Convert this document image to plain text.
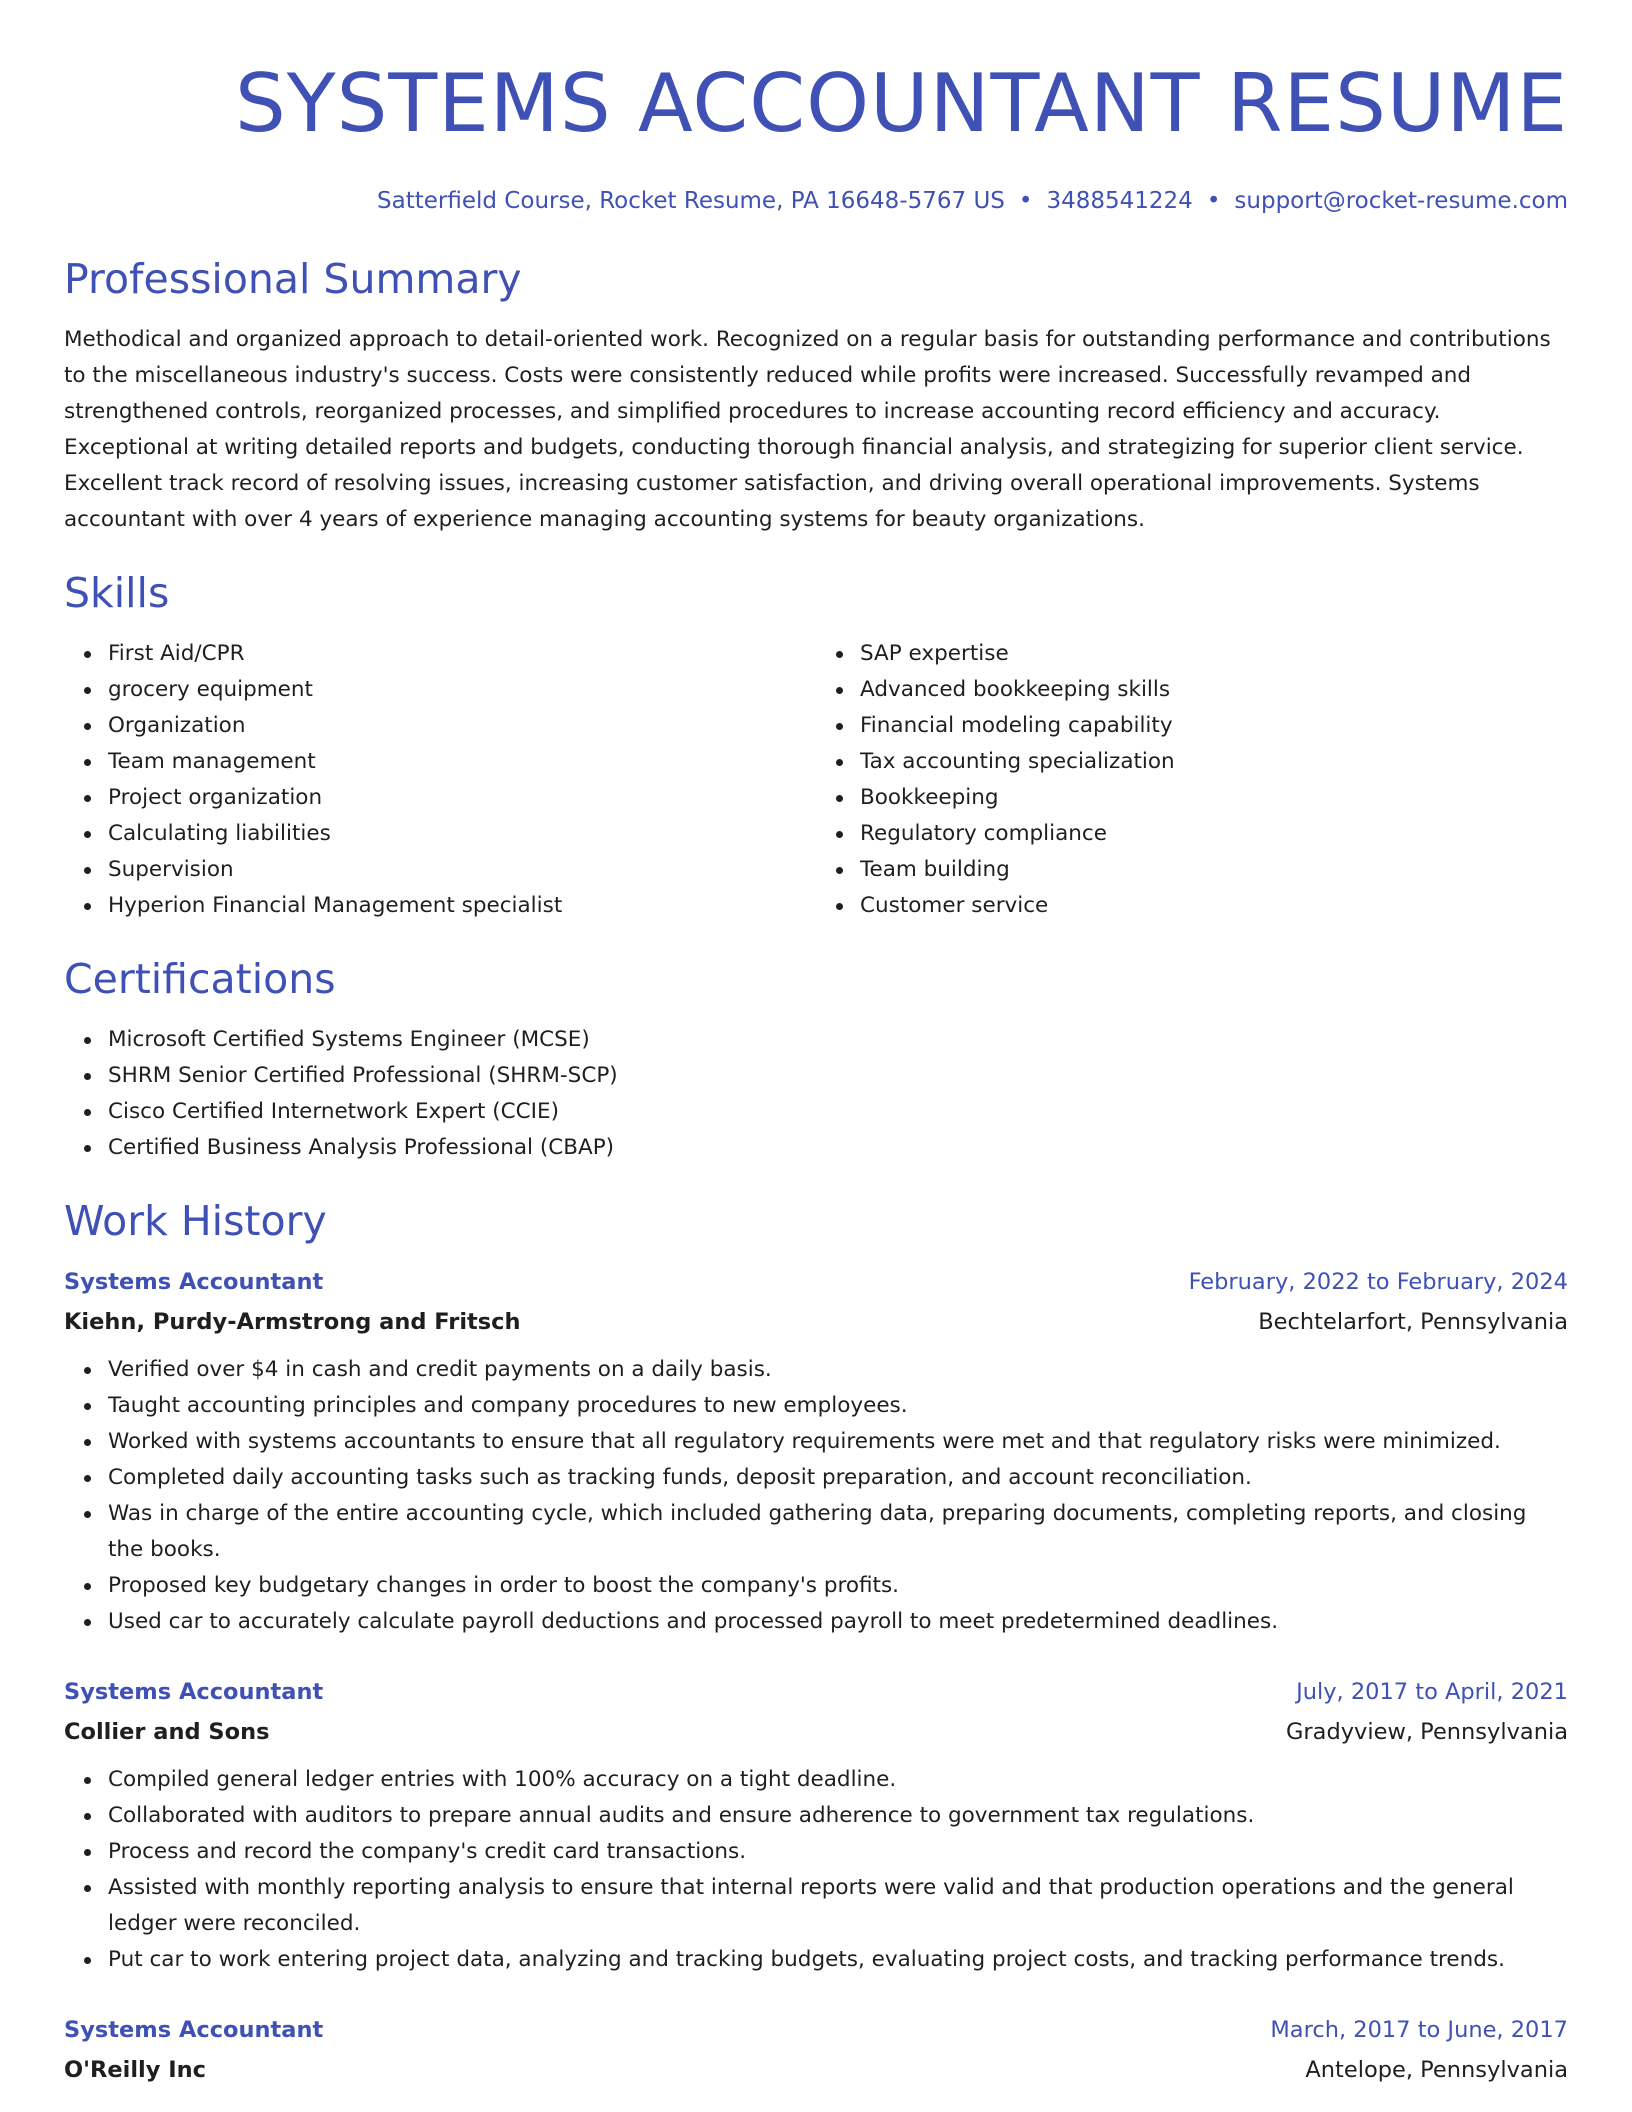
SYSTEMS ACCOUNTANT RESUME
Satterfield Course, Rocket Resume, PA 16648-5767 US • 3488541224 • support@rocket-resume.com
Professional Summary

Methodical and organized approach to detail-oriented work. Recognized on a regular basis for outstanding performance and contributions to the miscellaneous industry's success. Costs were consistently reduced while profits were increased. Successfully revamped and strengthened controls, reorganized processes, and simplified procedures to increase accounting record efficiency and accuracy. Exceptional at writing detailed reports and budgets, conducting thorough financial analysis, and strategizing for superior client service. Excellent track record of resolving issues, increasing customer satisfaction, and driving overall operational improvements. Systems accountant with over 4 years of experience managing accounting systems for beauty organizations.

Skills
First Aid/CPR
grocery equipment
Organization
Team management
Project organization
Calculating liabilities
Supervision
Hyperion Financial Management specialist
SAP expertise
Advanced bookkeeping skills
Financial modeling capability
Tax accounting specialization
Bookkeeping
Regulatory compliance
Team building
Customer service
Certifications
Microsoft Certified Systems Engineer (MCSE)
SHRM Senior Certified Professional (SHRM-SCP)
Cisco Certified Internetwork Expert (CCIE)
Certified Business Analysis Professional (CBAP)
Work History
Systems Accountant	February, 2022 to February, 2024
Kiehn, Purdy-Armstrong and Fritsch	Bechtelarfort, Pennsylvania
Verified over $4 in cash and credit payments on a daily basis.
Taught accounting principles and company procedures to new employees.
Worked with systems accountants to ensure that all regulatory requirements were met and that regulatory risks were minimized.
Completed daily accounting tasks such as tracking funds, deposit preparation, and account reconciliation.
Was in charge of the entire accounting cycle, which included gathering data, preparing documents, completing reports, and closing the books.
Proposed key budgetary changes in order to boost the company's profits.
Used car to accurately calculate payroll deductions and processed payroll to meet predetermined deadlines.
Systems Accountant	July, 2017 to April, 2021
Collier and Sons	Gradyview, Pennsylvania
Compiled general ledger entries with 100% accuracy on a tight deadline.
Collaborated with auditors to prepare annual audits and ensure adherence to government tax regulations.
Process and record the company's credit card transactions.
Assisted with monthly reporting analysis to ensure that internal reports were valid and that production operations and the general ledger were reconciled.
Put car to work entering project data, analyzing and tracking budgets, evaluating project costs, and tracking performance trends.
Systems Accountant	March, 2017 to June, 2017
O'Reilly Inc	Antelope, Pennsylvania
